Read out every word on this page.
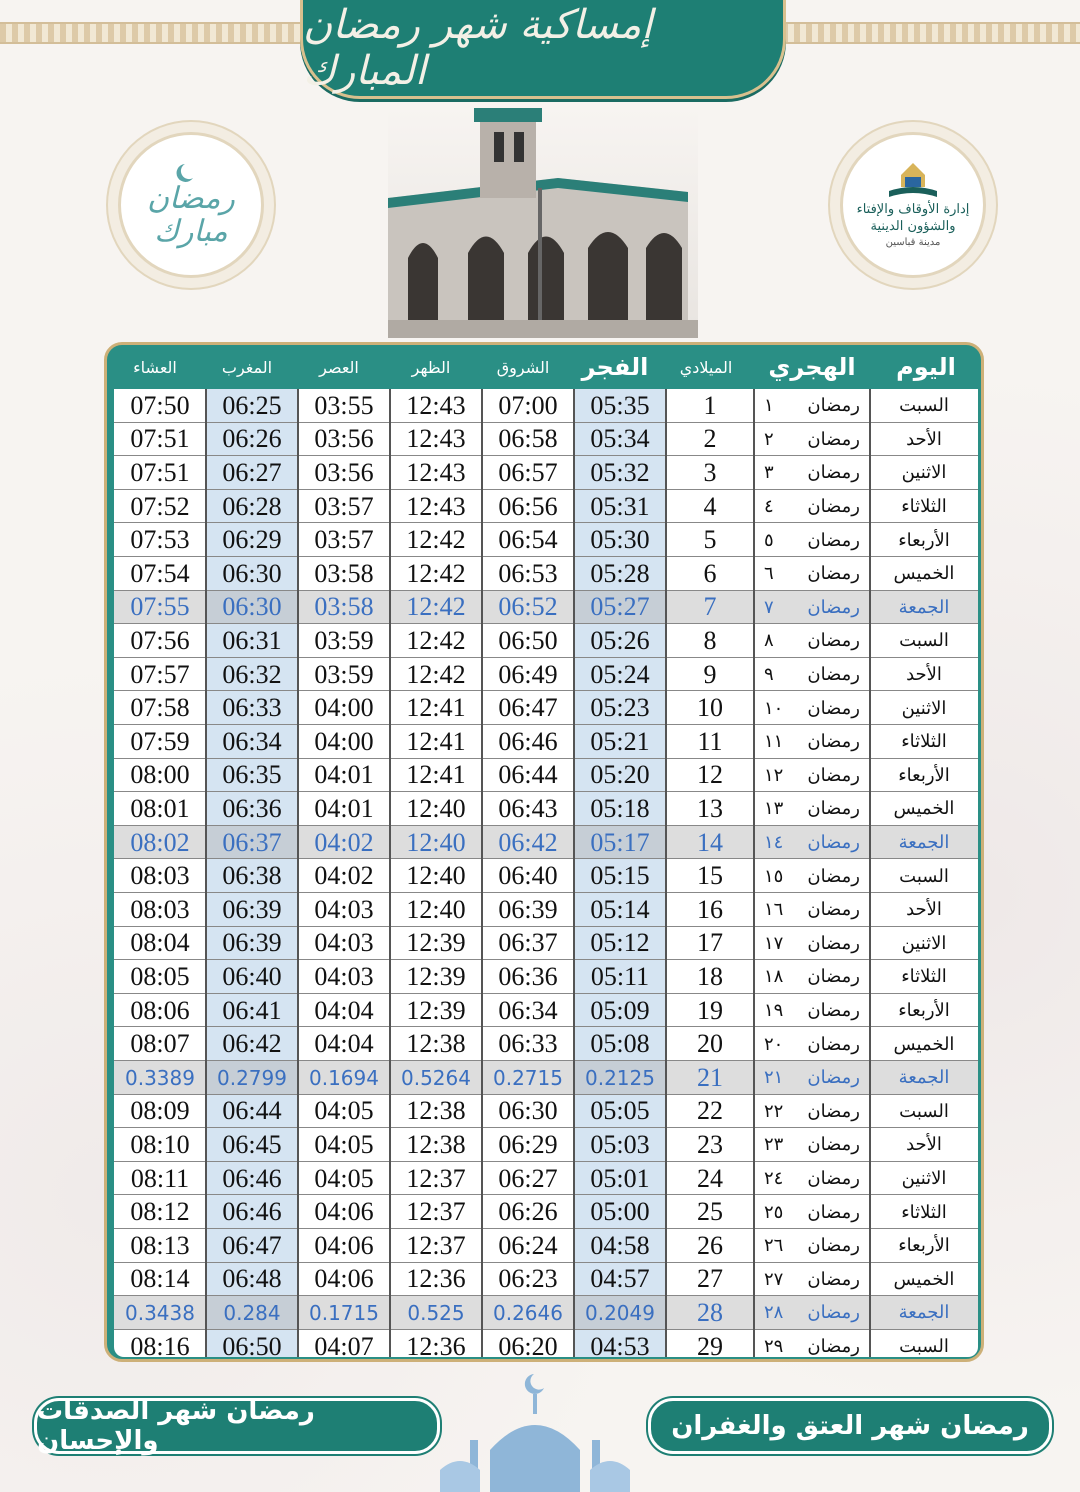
إمساكية شهر رمضان المبارك
رمضان مبارك
إدارة الأوقاف والإفتاء
والشؤون الدينية
مدينة قباسين
اليوم
الهجري
الميلادي
الفجر
الشروق
الظهر
العصر
المغرب
العشاء
السبت
١ رمضان
1
05:35
07:00
12:43
03:55
06:25
07:50
الأحد
٢ رمضان
2
05:34
06:58
12:43
03:56
06:26
07:51
الاثنين
٣ رمضان
3
05:32
06:57
12:43
03:56
06:27
07:51
الثلاثاء
٤ رمضان
4
05:31
06:56
12:43
03:57
06:28
07:52
الأربعاء
٥ رمضان
5
05:30
06:54
12:42
03:57
06:29
07:53
الخميس
٦ رمضان
6
05:28
06:53
12:42
03:58
06:30
07:54
الجمعة
٧ رمضان
7
05:27
06:52
12:42
03:58
06:30
07:55
السبت
٨ رمضان
8
05:26
06:50
12:42
03:59
06:31
07:56
الأحد
٩ رمضان
9
05:24
06:49
12:42
03:59
06:32
07:57
الاثنين
١٠ رمضان
10
05:23
06:47
12:41
04:00
06:33
07:58
الثلاثاء
١١ رمضان
11
05:21
06:46
12:41
04:00
06:34
07:59
الأربعاء
١٢ رمضان
12
05:20
06:44
12:41
04:01
06:35
08:00
الخميس
١٣ رمضان
13
05:18
06:43
12:40
04:01
06:36
08:01
الجمعة
١٤ رمضان
14
05:17
06:42
12:40
04:02
06:37
08:02
السبت
١٥ رمضان
15
05:15
06:40
12:40
04:02
06:38
08:03
الأحد
١٦ رمضان
16
05:14
06:39
12:40
04:03
06:39
08:03
الاثنين
١٧ رمضان
17
05:12
06:37
12:39
04:03
06:39
08:04
الثلاثاء
١٨ رمضان
18
05:11
06:36
12:39
04:03
06:40
08:05
الأربعاء
١٩ رمضان
19
05:09
06:34
12:39
04:04
06:41
08:06
الخميس
٢٠ رمضان
20
05:08
06:33
12:38
04:04
06:42
08:07
الجمعة
٢١ رمضان
21
0.2125
0.2715
0.5264
0.1694
0.2799
0.3389
السبت
٢٢ رمضان
22
05:05
06:30
12:38
04:05
06:44
08:09
الأحد
٢٣ رمضان
23
05:03
06:29
12:38
04:05
06:45
08:10
الاثنين
٢٤ رمضان
24
05:01
06:27
12:37
04:05
06:46
08:11
الثلاثاء
٢٥ رمضان
25
05:00
06:26
12:37
04:06
06:46
08:12
الأربعاء
٢٦ رمضان
26
04:58
06:24
12:37
04:06
06:47
08:13
الخميس
٢٧ رمضان
27
04:57
06:23
12:36
04:06
06:48
08:14
الجمعة
٢٨ رمضان
28
0.2049
0.2646
0.525
0.1715
0.284
0.3438
السبت
٢٩ رمضان
29
04:53
06:20
12:36
04:07
06:50
08:16
رمضان شهر الصدقات والإحسان	رمضان شهر العتق والغفران
